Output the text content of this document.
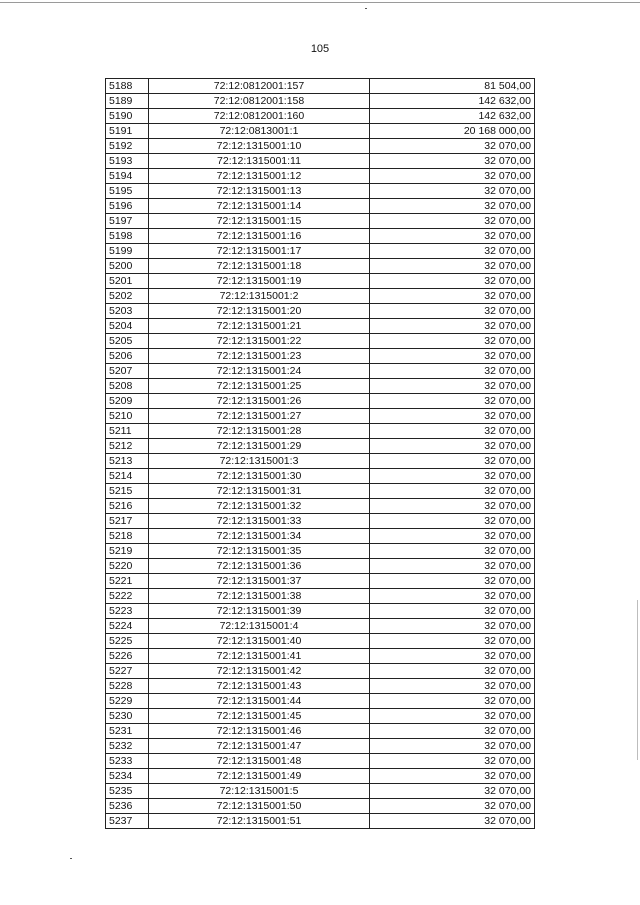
105
5188	72:12:0812001:157	81 504,00
5189	72:12:0812001:158	142 632,00
5190	72:12:0812001:160	142 632,00
5191	72:12:0813001:1	20 168 000,00
5192	72:12:1315001:10	32 070,00
5193	72:12:1315001:11	32 070,00
5194	72:12:1315001:12	32 070,00
5195	72:12:1315001:13	32 070,00
5196	72:12:1315001:14	32 070,00
5197	72:12:1315001:15	32 070,00
5198	72:12:1315001:16	32 070,00
5199	72:12:1315001:17	32 070,00
5200	72:12:1315001:18	32 070,00
5201	72:12:1315001:19	32 070,00
5202	72:12:1315001:2	32 070,00
5203	72:12:1315001:20	32 070,00
5204	72:12:1315001:21	32 070,00
5205	72:12:1315001:22	32 070,00
5206	72:12:1315001:23	32 070,00
5207	72:12:1315001:24	32 070,00
5208	72:12:1315001:25	32 070,00
5209	72:12:1315001:26	32 070,00
5210	72:12:1315001:27	32 070,00
5211	72:12:1315001:28	32 070,00
5212	72:12:1315001:29	32 070,00
5213	72:12:1315001:3	32 070,00
5214	72:12:1315001:30	32 070,00
5215	72:12:1315001:31	32 070,00
5216	72:12:1315001:32	32 070,00
5217	72:12:1315001:33	32 070,00
5218	72:12:1315001:34	32 070,00
5219	72:12:1315001:35	32 070,00
5220	72:12:1315001:36	32 070,00
5221	72:12:1315001:37	32 070,00
5222	72:12:1315001:38	32 070,00
5223	72:12:1315001:39	32 070,00
5224	72:12:1315001:4	32 070,00
5225	72:12:1315001:40	32 070,00
5226	72:12:1315001:41	32 070,00
5227	72:12:1315001:42	32 070,00
5228	72:12:1315001:43	32 070,00
5229	72:12:1315001:44	32 070,00
5230	72:12:1315001:45	32 070,00
5231	72:12:1315001:46	32 070,00
5232	72:12:1315001:47	32 070,00
5233	72:12:1315001:48	32 070,00
5234	72:12:1315001:49	32 070,00
5235	72:12:1315001:5	32 070,00
5236	72:12:1315001:50	32 070,00
5237	72:12:1315001:51	32 070,00
